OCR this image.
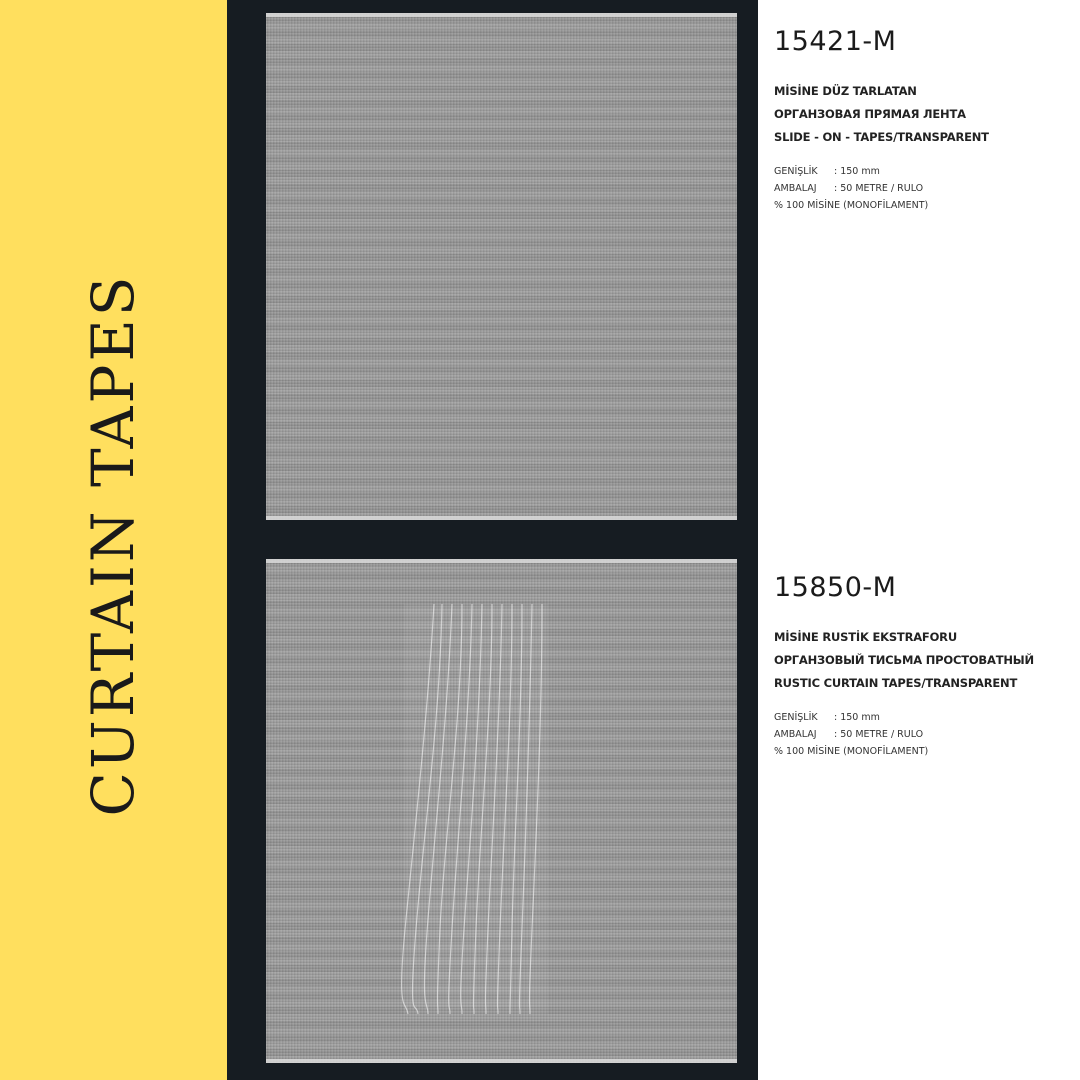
CURTAIN TAPES
15421-M
MİSİNE DÜZ TARLATAN
ОРГАНЗОВАЯ ПРЯМАЯ ЛЕНТА
SLIDE - ON - TAPES/TRANSPARENT
GENİŞLİK : 150 mm
AMBALAJ : 50 METRE / RULO
% 100 MİSİNE (MONOFİLAMENT)
15850-M
MİSİNE RUSTİK EKSTRAFORU
ОРГАНЗОВЫЙ ТИСЬМА ПРОСТОВАТНЫЙ
RUSTIC CURTAIN TAPES/TRANSPARENT
GENİŞLİK : 150 mm
AMBALAJ : 50 METRE / RULO
% 100 MİSİNE (MONOFİLAMENT)
